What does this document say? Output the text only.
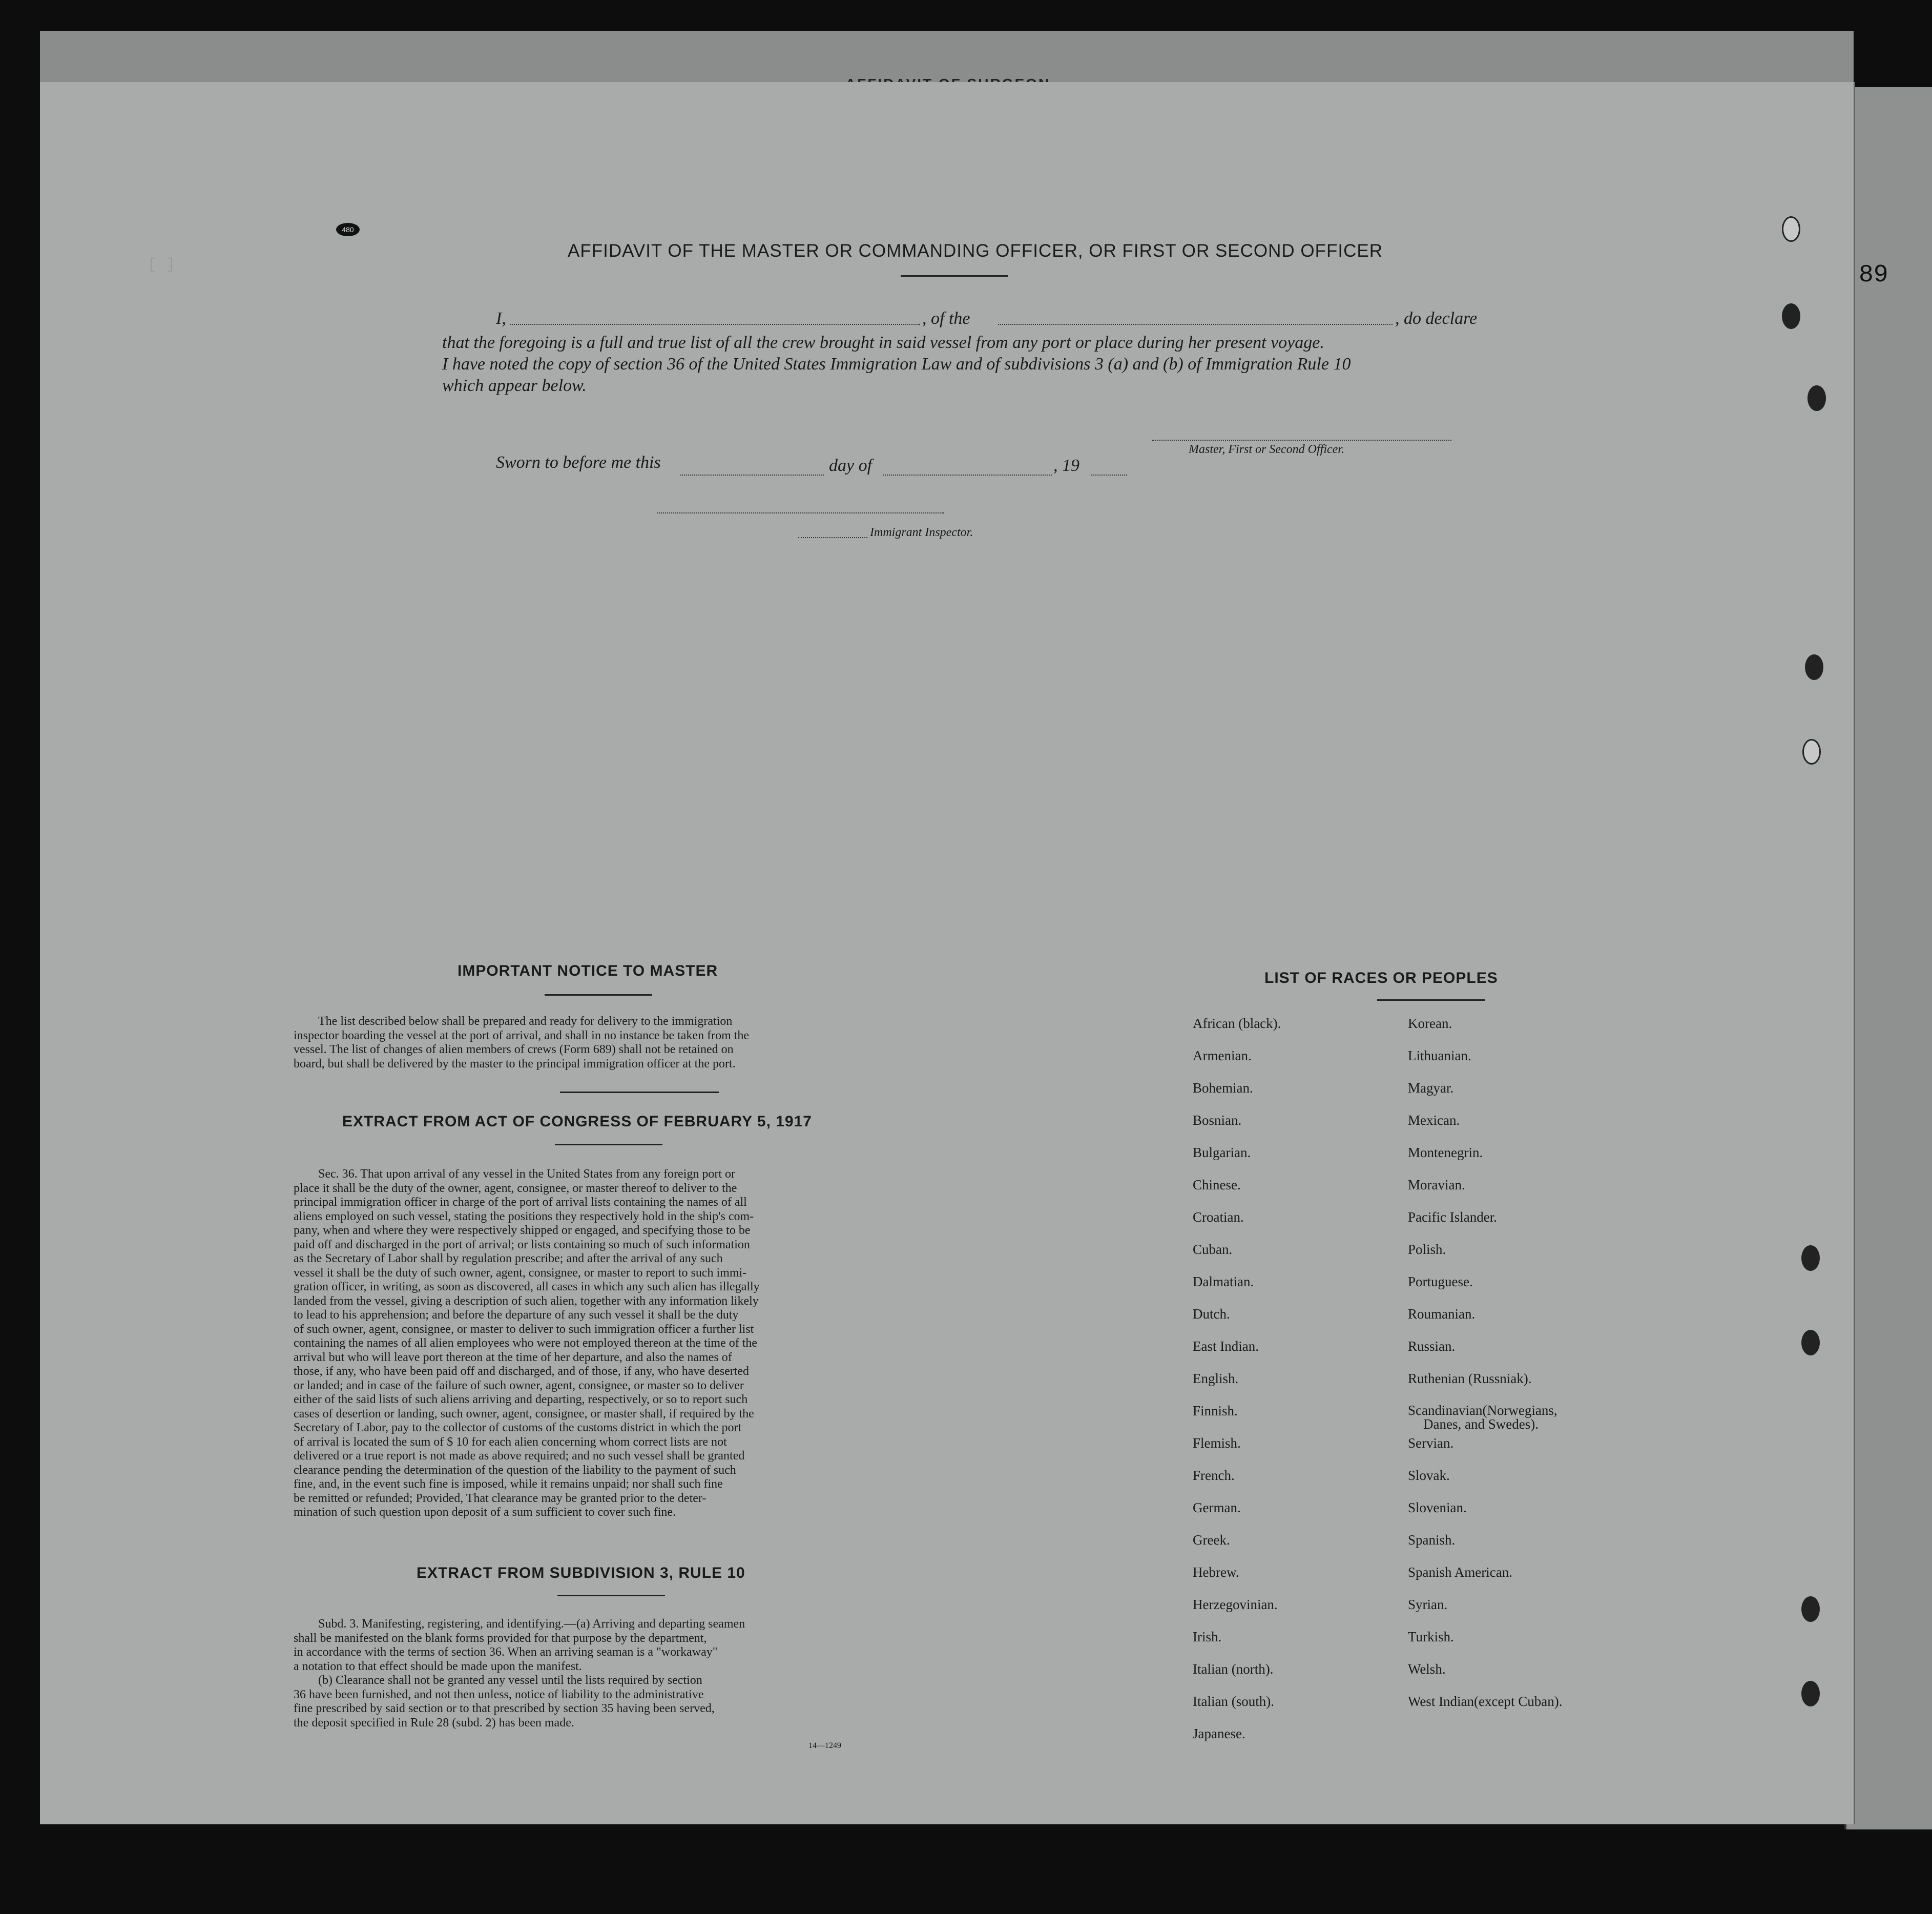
89
480
AFFIDAVIT OF THE MASTER OR COMMANDING OFFICER, OR FIRST OR SECOND OFFICER
I,	, of the	, do declare
that the foregoing is a full and true list of all the crew brought in said vessel from any port or place during her present voyage.
I have noted the copy of section 36 of the United States Immigration Law and of subdivisions 3 (a) and (b) of Immigration Rule 10
which appear below.
Master, First or Second Officer.
Sworn to before me this	day of	, 19
Immigrant Inspector.
[ ]
IMPORTANT NOTICE TO MASTER
The list described below shall be prepared and ready for delivery to the immigration
inspector boarding the vessel at the port of arrival, and shall in no instance be taken from the
vessel. The list of changes of alien members of crews (Form 689) shall not be retained on
board, but shall be delivered by the master to the principal immigration officer at the port.
EXTRACT FROM ACT OF CONGRESS OF FEBRUARY 5, 1917
Sec. 36. That upon arrival of any vessel in the United States from any foreign port or
place it shall be the duty of the owner, agent, consignee, or master thereof to deliver to the
principal immigration officer in charge of the port of arrival lists containing the names of all
aliens employed on such vessel, stating the positions they respectively hold in the ship's com-
pany, when and where they were respectively shipped or engaged, and specifying those to be
paid off and discharged in the port of arrival; or lists containing so much of such information
as the Secretary of Labor shall by regulation prescribe; and after the arrival of any such
vessel it shall be the duty of such owner, agent, consignee, or master to report to such immi-
gration officer, in writing, as soon as discovered, all cases in which any such alien has illegally
landed from the vessel, giving a description of such alien, together with any information likely
to lead to his apprehension; and before the departure of any such vessel it shall be the duty
of such owner, agent, consignee, or master to deliver to such immigration officer a further list
containing the names of all alien employees who were not employed thereon at the time of the
arrival but who will leave port thereon at the time of her departure, and also the names of
those, if any, who have been paid off and discharged, and of those, if any, who have deserted
or landed; and in case of the failure of such owner, agent, consignee, or master so to deliver
either of the said lists of such aliens arriving and departing, respectively, or so to report such
cases of desertion or landing, such owner, agent, consignee, or master shall, if required by the
Secretary of Labor, pay to the collector of customs of the customs district in which the port
of arrival is located the sum of $ 10 for each alien concerning whom correct lists are not
delivered or a true report is not made as above required; and no such vessel shall be granted
clearance pending the determination of the question of the liability to the payment of such
fine, and, in the event such fine is imposed, while it remains unpaid; nor shall such fine
be remitted or refunded; Provided, That clearance may be granted prior to the deter-
mination of such question upon deposit of a sum sufficient to cover such fine.
EXTRACT FROM SUBDIVISION 3, RULE 10
Subd. 3. Manifesting, registering, and identifying.—(a) Arriving and departing seamen
shall be manifested on the blank forms provided for that purpose by the department,
in accordance with the terms of section 36. When an arriving seaman is a "workaway"
a notation to that effect should be made upon the manifest.
(b) Clearance shall not be granted any vessel until the lists required by section
36 have been furnished, and not then unless, notice of liability to the administrative
fine prescribed by said section or to that prescribed by section 35 having been served,
the deposit specified in Rule 28 (subd. 2) has been made.
14—1249
LIST OF RACES OR PEOPLES
African (black).
Armenian.
Bohemian.
Bosnian.
Bulgarian.
Chinese.
Croatian.
Cuban.
Dalmatian.
Dutch.
East Indian.
English.
Finnish.
Flemish.
French.
German.
Greek.
Hebrew.
Herzegovinian.
Irish.
Italian (north).
Italian (south).
Japanese.
Korean.
Lithuanian.
Magyar.
Mexican.
Montenegrin.
Moravian.
Pacific Islander.
Polish.
Portuguese.
Roumanian.
Russian.
Ruthenian (Russniak).
Scandinavian(Norwegians,
Danes, and Swedes).
Servian.
Slovak.
Slovenian.
Spanish.
Spanish American.
Syrian.
Turkish.
Welsh.
West Indian(except Cuban).
